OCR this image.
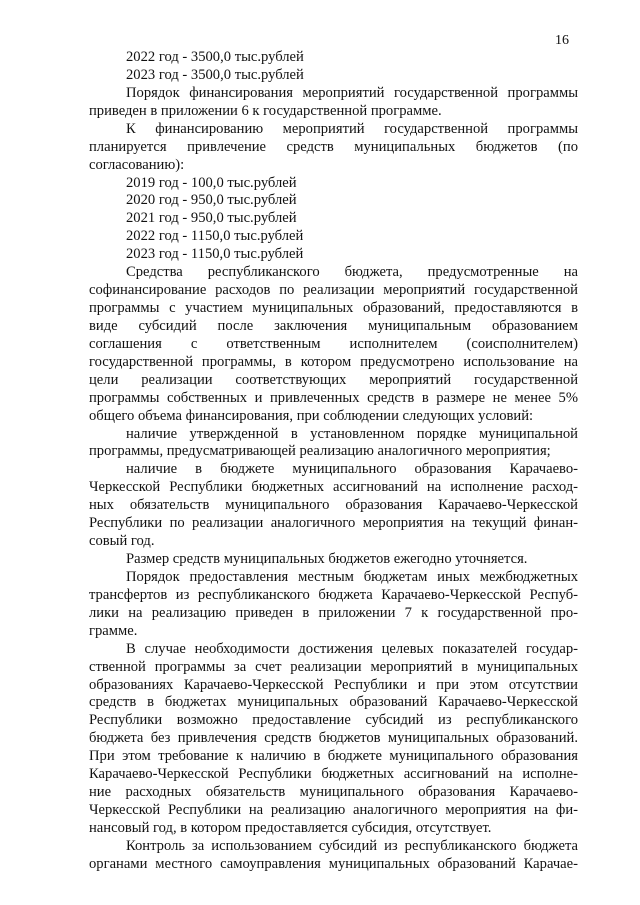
16
2022 год - 3500,0 тыс.рублей
2023 год - 3500,0 тыс.рублей
Порядок финансирования мероприятий государственной программы
приведен в приложении 6 к государственной программе.
К финансированию мероприятий государственной программы
планируется привлечение средств муниципальных бюджетов (по
согласованию):
2019 год - 100,0 тыс.рублей
2020 год - 950,0 тыс.рублей
2021 год - 950,0 тыс.рублей
2022 год - 1150,0 тыс.рублей
2023 год - 1150,0 тыс.рублей
Средства республиканского бюджета, предусмотренные на
софинансирование расходов по реализации мероприятий государственной
программы с участием муниципальных образований, предоставляются в
виде субсидий после заключения муниципальным образованием
соглашения с ответственным исполнителем (соисполнителем)
государственной программы, в котором предусмотрено использование на
цели реализации соответствующих мероприятий государственной
программы собственных и привлеченных средств в размере не менее 5%
общего объема финансирования, при соблюдении следующих условий:
наличие утвержденной в установленном порядке муниципальной
программы, предусматривающей реализацию аналогичного мероприятия;
наличие в бюджете муниципального образования Карачаево-
Черкесской Республики бюджетных ассигнований на исполнение расход-
ных обязательств муниципального образования Карачаево-Черкесской
Республики по реализации аналогичного мероприятия на текущий финан-
совый год.
Размер средств муниципальных бюджетов ежегодно уточняется.
Порядок предоставления местным бюджетам иных межбюджетных
трансфертов из республиканского бюджета Карачаево-Черкесской Респуб-
лики на реализацию приведен в приложении 7 к государственной про-
грамме.
В случае необходимости достижения целевых показателей государ-
ственной программы за счет реализации мероприятий в муниципальных
образованиях Карачаево-Черкесской Республики и при этом отсутствии
средств в бюджетах муниципальных образований Карачаево-Черкесской
Республики возможно предоставление субсидий из республиканского
бюджета без привлечения средств бюджетов муниципальных образований.
При этом требование к наличию в бюджете муниципального образования
Карачаево-Черкесской Республики бюджетных ассигнований на исполне-
ние расходных обязательств муниципального образования Карачаево-
Черкесской Республики на реализацию аналогичного мероприятия на фи-
нансовый год, в котором предоставляется субсидия, отсутствует.
Контроль за использованием субсидий из республиканского бюджета
органами местного самоуправления муниципальных образований Карачае-
